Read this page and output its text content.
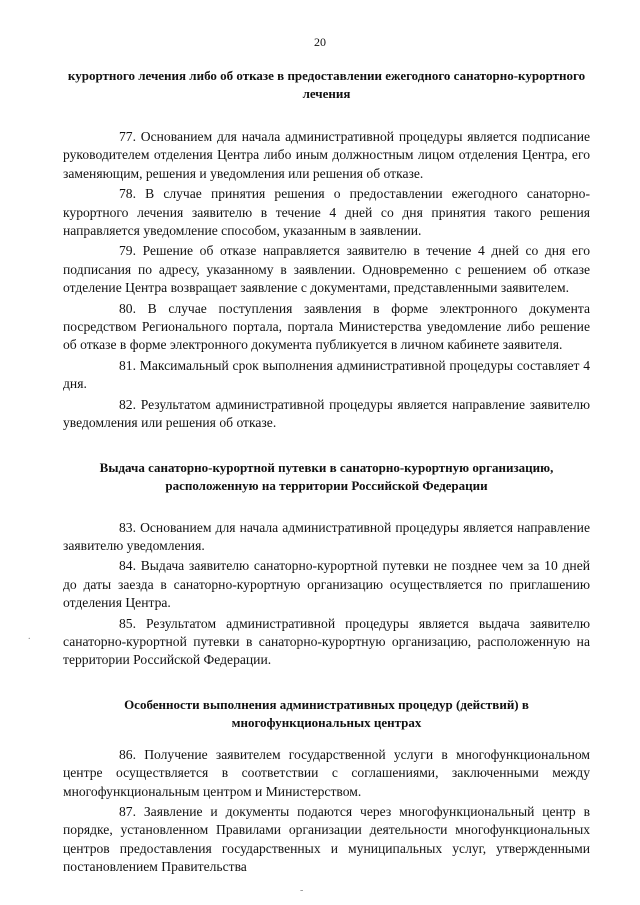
20
курортного лечения либо об отказе в предоставлении ежегодного санаторно-курортного лечения

77. Основанием для начала административной процедуры является подписание руководителем отделения Центра либо иным должностным лицом отделения Центра, его заменяющим, решения и уведомления или решения об отказе.

78. В случае принятия решения о предоставлении ежегодного санаторно-курортного лечения заявителю в течение 4 дней со дня принятия такого решения направляется уведомление способом, указанным в заявлении.

79. Решение об отказе направляется заявителю в течение 4 дней со дня его подписания по адресу, указанному в заявлении. Одновременно с решением об отказе отделение Центра возвращает заявление с документами, представленными заявителем.

80. В случае поступления заявления в форме электронного документа посредством Регионального портала, портала Министерства уведомление либо решение об отказе в форме электронного документа публикуется в личном кабинете заявителя.

81. Максимальный срок выполнения административной процедуры составляет 4 дня.

82. Результатом административной процедуры является направление заявителю уведомления или решения об отказе.

Выдача санаторно-курортной путевки в санаторно-курортную организацию, расположенную на территории Российской Федерации

83. Основанием для начала административной процедуры является направление заявителю уведомления.

84. Выдача заявителю санаторно-курортной путевки не позднее чем за 10 дней до даты заезда в санаторно-курортную организацию осуществляется по приглашению отделения Центра.

85. Результатом административной процедуры является выдача заявителю санаторно-курортной путевки в санаторно-курортную организацию, расположенную на территории Российской Федерации.

Особенности выполнения административных процедур (действий) в многофункциональных центрах

86. Получение заявителем государственной услуги в многофункциональном центре осуществляется в соответствии с соглашениями, заключенными между многофункциональным центром и Министерством.

87. Заявление и документы подаются через многофункциональный центр в порядке, установленном Правилами организации деятельности многофункциональных центров предоставления государственных и муниципальных услуг, утвержденными постановлением Правительства

.
-
